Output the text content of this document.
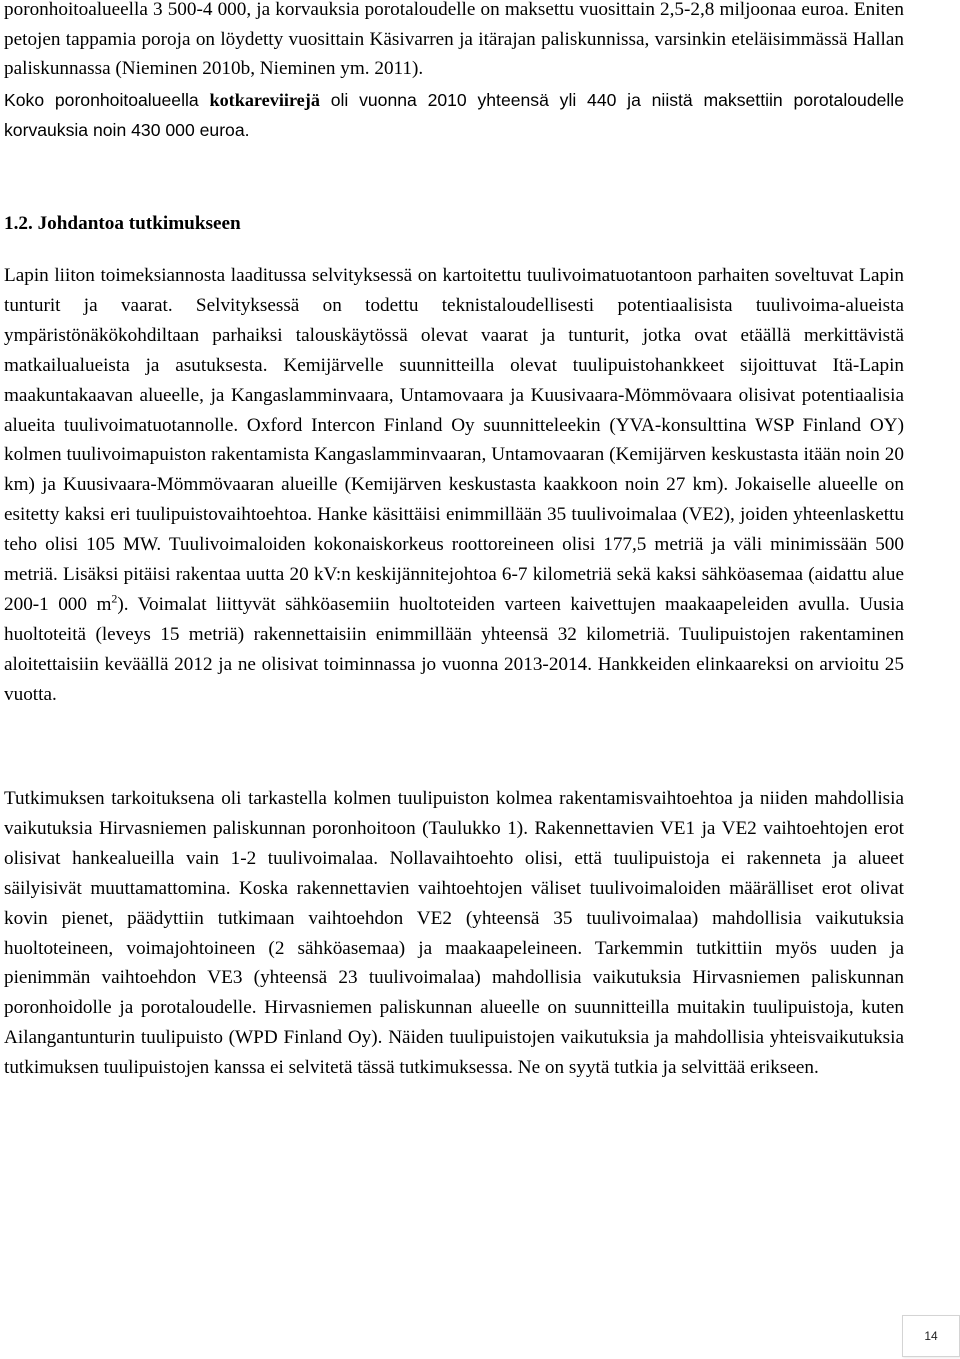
poronhoitoalueella 3 500-4 000, ja korvauksia porotaloudelle on maksettu vuosittain 2,5-2,8 miljoonaa euroa. Eniten petojen tappamia poroja on löydetty vuosittain Käsivarren ja itärajan paliskunnissa, varsinkin eteläisimmässä Hallan paliskunnassa (Nieminen 2010b, Nieminen ym. 2011).

Koko poronhoitoalueella kotkareviirejä oli vuonna 2010 yhteensä yli 440 ja niistä maksettiin porotaloudelle korvauksia noin 430 000 euroa.

1.2. Johdantoa tutkimukseen

Lapin liiton toimeksiannosta laaditussa selvityksessä on kartoitettu tuulivoimatuotantoon parhaiten soveltuvat Lapin tunturit ja vaarat. Selvityksessä on todettu teknistaloudellisesti potentiaalisista tuulivoima-alueista ympäristönäkökohdiltaan parhaiksi talouskäytössä olevat vaarat ja tunturit, jotka ovat etäällä merkittävistä matkailualueista ja asutuksesta. Kemijärvelle suunnitteilla olevat tuulipuistohankkeet sijoittuvat Itä-Lapin maakuntakaavan alueelle, ja Kangaslamminvaara, Untamovaara ja Kuusivaara-Mömmövaara olisivat potentiaalisia alueita tuulivoimatuotannolle. Oxford Intercon Finland Oy suunnitteleekin (YVA-konsulttina WSP Finland OY) kolmen tuulivoimapuiston rakentamista Kangaslamminvaaran, Untamovaaran (Kemijärven keskustasta itään noin 20 km) ja Kuusivaara-Mömmövaaran alueille (Kemijärven keskustasta kaakkoon noin 27 km). Jokaiselle alueelle on esitetty kaksi eri tuulipuistovaihtoehtoa. Hanke käsittäisi enimmillään 35 tuulivoimalaa (VE2), joiden yhteenlaskettu teho olisi 105 MW. Tuulivoimaloiden kokonaiskorkeus roottoreineen olisi 177,5 metriä ja väli minimissään 500 metriä. Lisäksi pitäisi rakentaa uutta 20 kV:n keskijännitejohtoa 6-7 kilometriä sekä kaksi sähköasemaa (aidattu alue 200-1 000 $m^2$). Voimalat liittyvät sähköasemiin huoltoteiden varteen kaivettujen maakaapeleiden avulla. Uusia huoltoteitä (leveys 15 metriä) rakennettaisiin enimmillään yhteensä 32 kilometriä. Tuulipuistojen rakentaminen aloitettaisiin keväällä 2012 ja ne olisivat toiminnassa jo vuonna 2013-2014. Hankkeiden elinkaareksi on arvioitu 25 vuotta.

Tutkimuksen tarkoituksena oli tarkastella kolmen tuulipuiston kolmea rakentamisvaihtoehtoa ja niiden mahdollisia vaikutuksia Hirvasniemen paliskunnan poronhoitoon (Taulukko 1). Rakennettavien VE1 ja VE2 vaihtoehtojen erot olisivat hankealueilla vain 1-2 tuulivoimalaa. Nollavaihtoehto olisi, että tuulipuistoja ei rakenneta ja alueet säilyisivät muuttamattomina. Koska rakennettavien vaihtoehtojen väliset tuulivoimaloiden määrälliset erot olivat kovin pienet, päädyttiin tutkimaan vaihtoehdon VE2 (yhteensä 35 tuulivoimalaa) mahdollisia vaikutuksia huoltoteineen, voimajohtoineen (2 sähköasemaa) ja maakaapeleineen. Tarkemmin tutkittiin myös uuden ja pienimmän vaihtoehdon VE3 (yhteensä 23 tuulivoimalaa) mahdollisia vaikutuksia Hirvasniemen paliskunnan poronhoidolle ja porotaloudelle. Hirvasniemen paliskunnan alueelle on suunnitteilla muitakin tuulipuistoja, kuten Ailangantunturin tuulipuisto (WPD Finland Oy). Näiden tuulipuistojen vaikutuksia ja mahdollisia yhteisvaikutuksia tutkimuksen tuulipuistojen kanssa ei selvitetä tässä tutkimuksessa. Ne on syytä tutkia ja selvittää erikseen.

14
